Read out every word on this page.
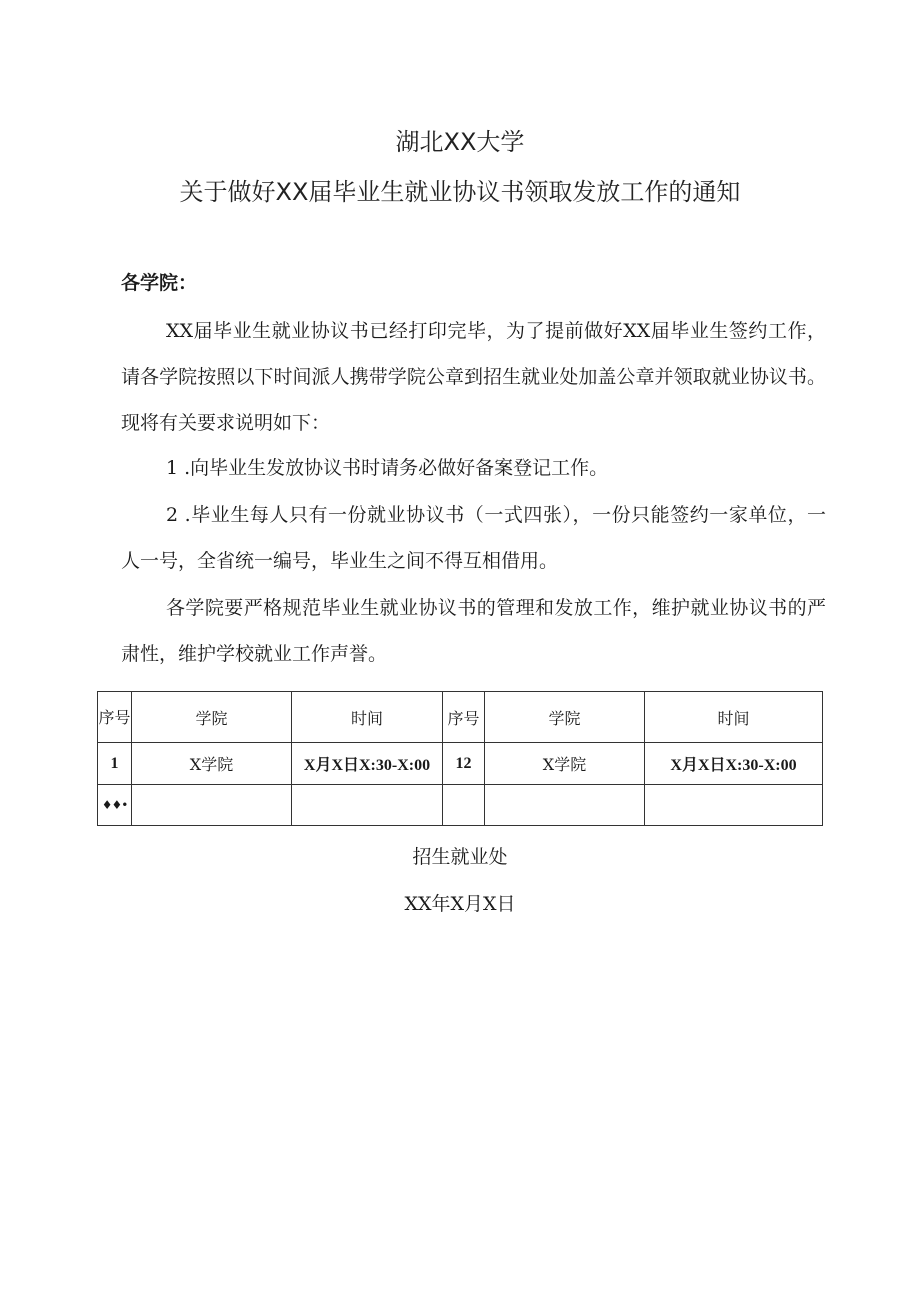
湖北XX大学
关于做好XX届毕业生就业协议书领取发放工作的通知
各学院：
XX届毕业生就业协议书已经打印完毕，为了提前做好XX届毕业生签约工作，请各学院按照以下时间派人携带学院公章到招生就业处加盖公章并领取就业协议书。现将有关要求说明如下：
1 .向毕业生发放协议书时请务必做好备案登记工作。
2 .毕业生每人只有一份就业协议书（一式四张），一份只能签约一家单位，一人一号，全省统一编号，毕业生之间不得互相借用。
各学院要严格规范毕业生就业协议书的管理和发放工作，维护就业协议书的严肃性，维护学校就业工作声誉。
序号	学院	时间	序号	学院	时间
1	X学院	X月X日X:30-X:00	12	X学院	X月X日X:30-X:00
♦♦•					
招生就业处
XX年X月X日
